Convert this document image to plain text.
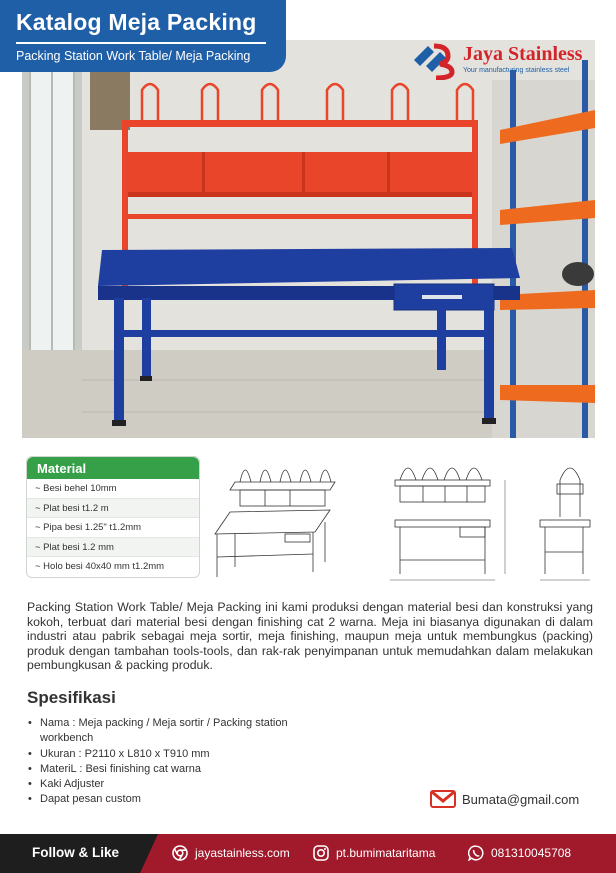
Katalog Meja Packing
Packing Station Work Table/ Meja Packing	Jaya Stainless
Your manufacturing stainless steel
Material
~ Besi behel 10mm
~ Plat besi t1.2 m
~ Pipa besi 1.25" t1.2mm
~ Plat besi 1.2 mm
~ Holo besi 40x40 mm t1.2mm

Packing Station Work Table/ Meja Packing ini kami produksi dengan material besi dan konstruksi yang kokoh, terbuat dari material besi dengan finishing cat 2 warna. Meja ini biasanya digunakan di dalam industri atau pabrik sebagai meja sortir, meja finishing, maupun meja untuk membungkus (packing) produk dengan tambahan tools-tools, dan rak-rak penyimpanan untuk memudahkan dalam melakukan pembungkusan & packing produk.

Spesifikasi
• Nama : Meja packing / Meja sortir / Packing station workbench
• Ukuran : P2110 x L810 x T910 mm
• MateriL : Besi finishing cat warna
• Kaki Adjuster
• Dapat pesan custom	Bumata@gmail.com
Follow & Like	jayastainless.com	pt.bumimataritama	081310045708
